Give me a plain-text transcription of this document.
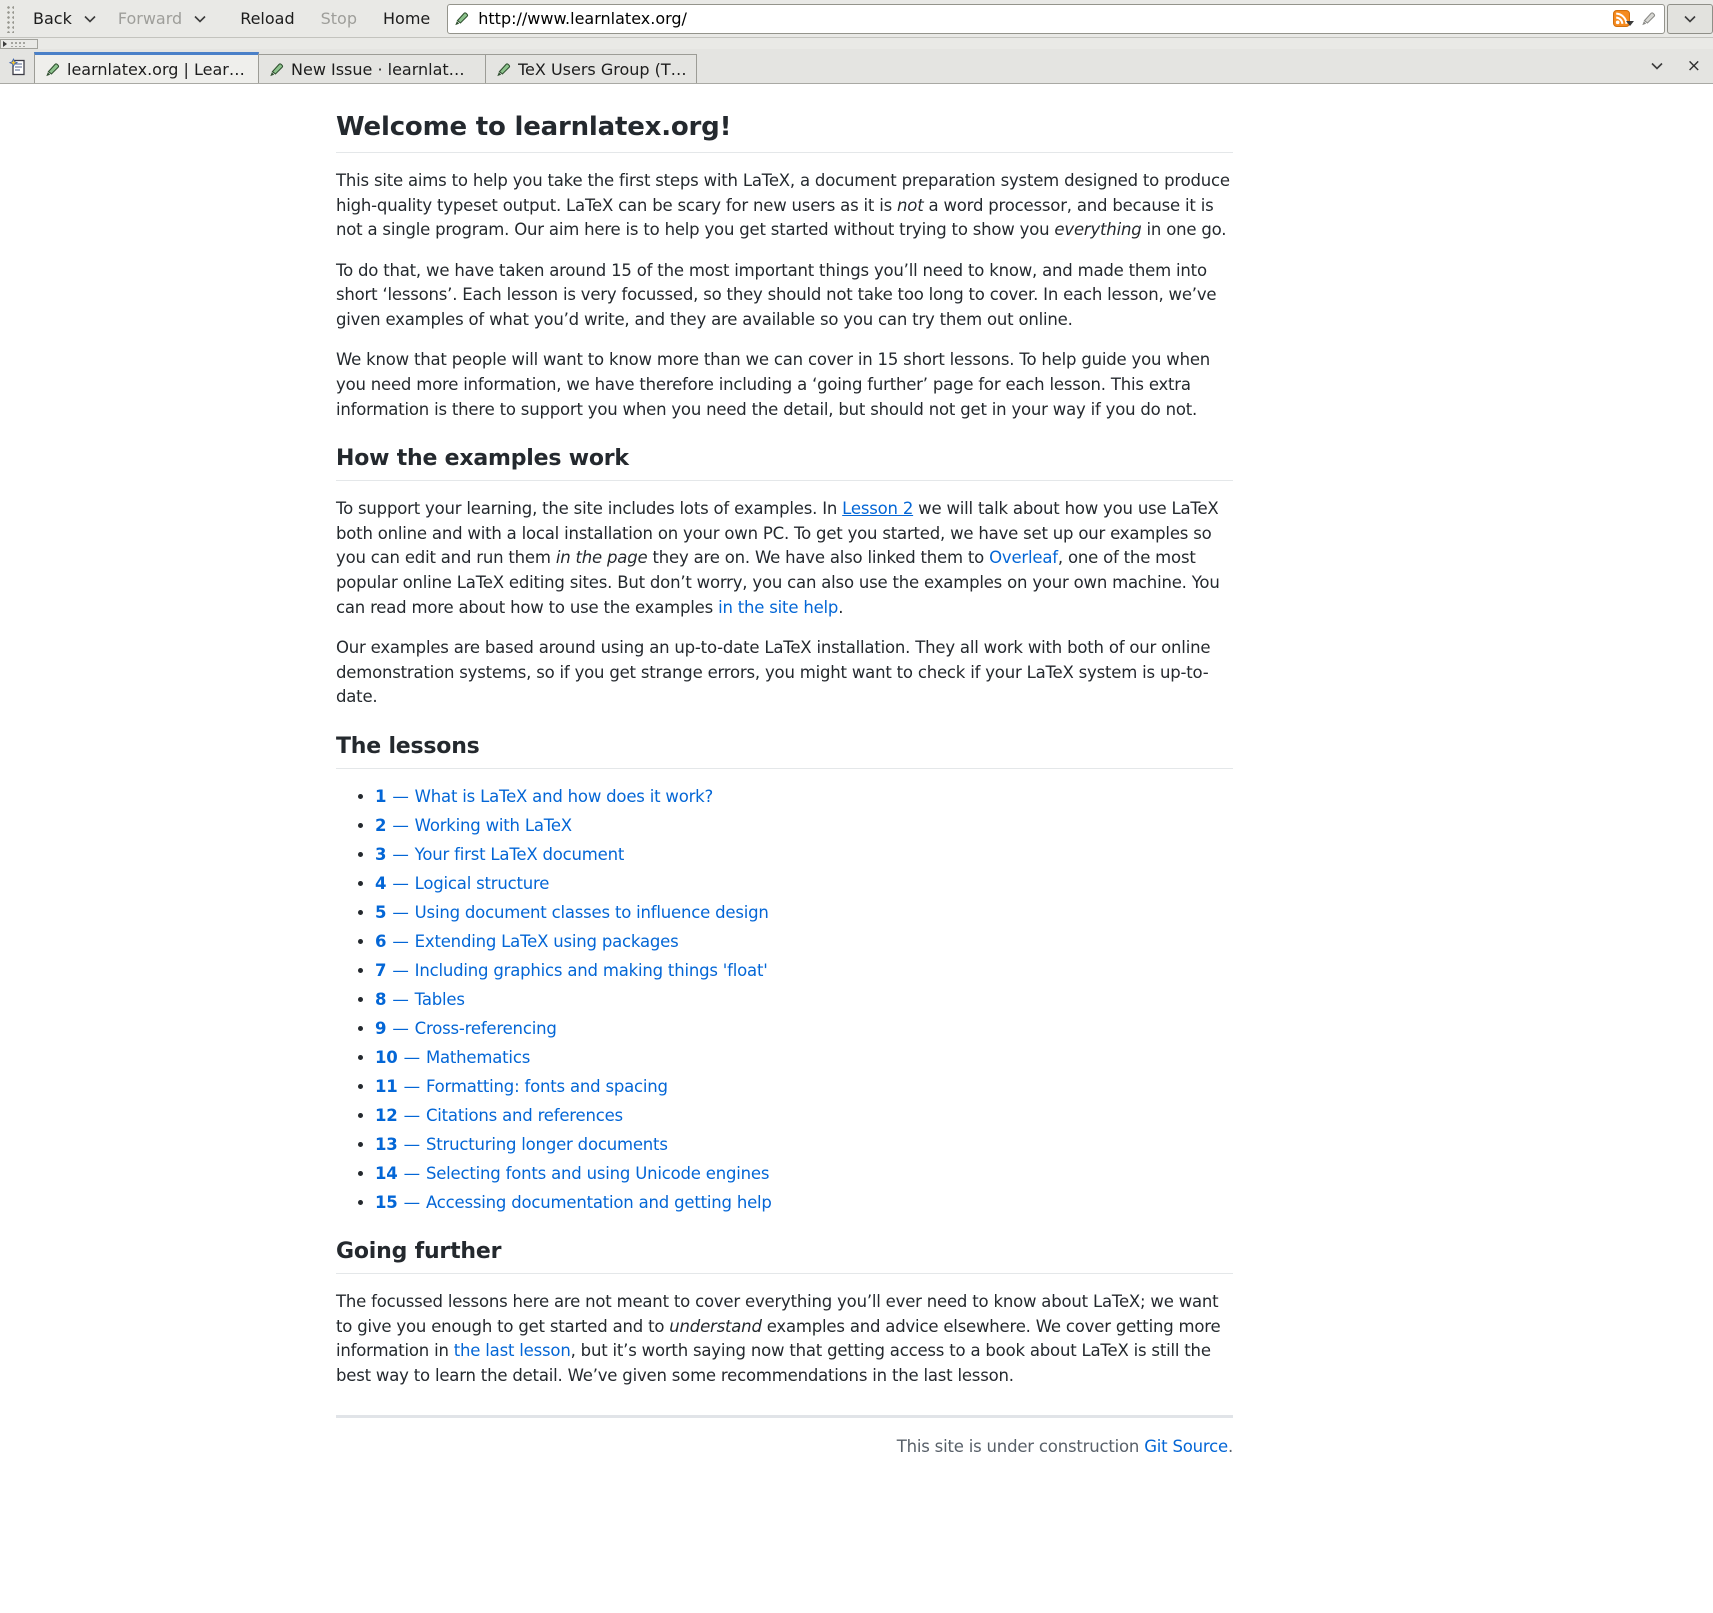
Back	Forward	Reload	Stop	Home
http://www.learnlatex.org/
learnlatex.org | Lear…	New Issue · learnlat…	TeX Users Group (T…	×
Welcome to learnlatex.org!

This site aims to help you take the first steps with LaTeX, a document preparation system designed to produce high-quality typeset output. LaTeX can be scary for new users as it is not a word processor, and because it is not a single program. Our aim here is to help you get started without trying to show you everything in one go.

To do that, we have taken around 15 of the most important things you’ll need to know, and made them into short ‘lessons’. Each lesson is very focussed, so they should not take too long to cover. In each lesson, we’ve given examples of what you’d write, and they are available so you can try them out online.

We know that people will want to know more than we can cover in 15 short lessons. To help guide you when you need more information, we have therefore including a ‘going further’ page for each lesson. This extra information is there to support you when you need the detail, but should not get in your way if you do not.

How the examples work

To support your learning, the site includes lots of examples. In Lesson 2 we will talk about how you use LaTeX both online and with a local installation on your own PC. To get you started, we have set up our examples so you can edit and run them in the page they are on. We have also linked them to Overleaf, one of the most popular online LaTeX editing sites. But don’t worry, you can also use the examples on your own machine. You can read more about how to use the examples in the site help.

Our examples are based around using an up-to-date LaTeX installation. They all work with both of our online demonstration systems, so if you get strange errors, you might want to check if your LaTeX system is up-to-date.

The lessons
• 1 — What is LaTeX and how does it work?
• 2 — Working with LaTeX
• 3 — Your first LaTeX document
• 4 — Logical structure
• 5 — Using document classes to influence design
• 6 — Extending LaTeX using packages
• 7 — Including graphics and making things 'float'
• 8 — Tables
• 9 — Cross-referencing
• 10 — Mathematics
• 11 — Formatting: fonts and spacing
• 12 — Citations and references
• 13 — Structuring longer documents
• 14 — Selecting fonts and using Unicode engines
• 15 — Accessing documentation and getting help
Going further

The focussed lessons here are not meant to cover everything you’ll ever need to know about LaTeX; we want to give you enough to get started and to understand examples and advice elsewhere. We cover getting more information in the last lesson, but it’s worth saying now that getting access to a book about LaTeX is still the best way to learn the detail. We’ve given some recommendations in the last lesson.

This site is under construction Git Source.
